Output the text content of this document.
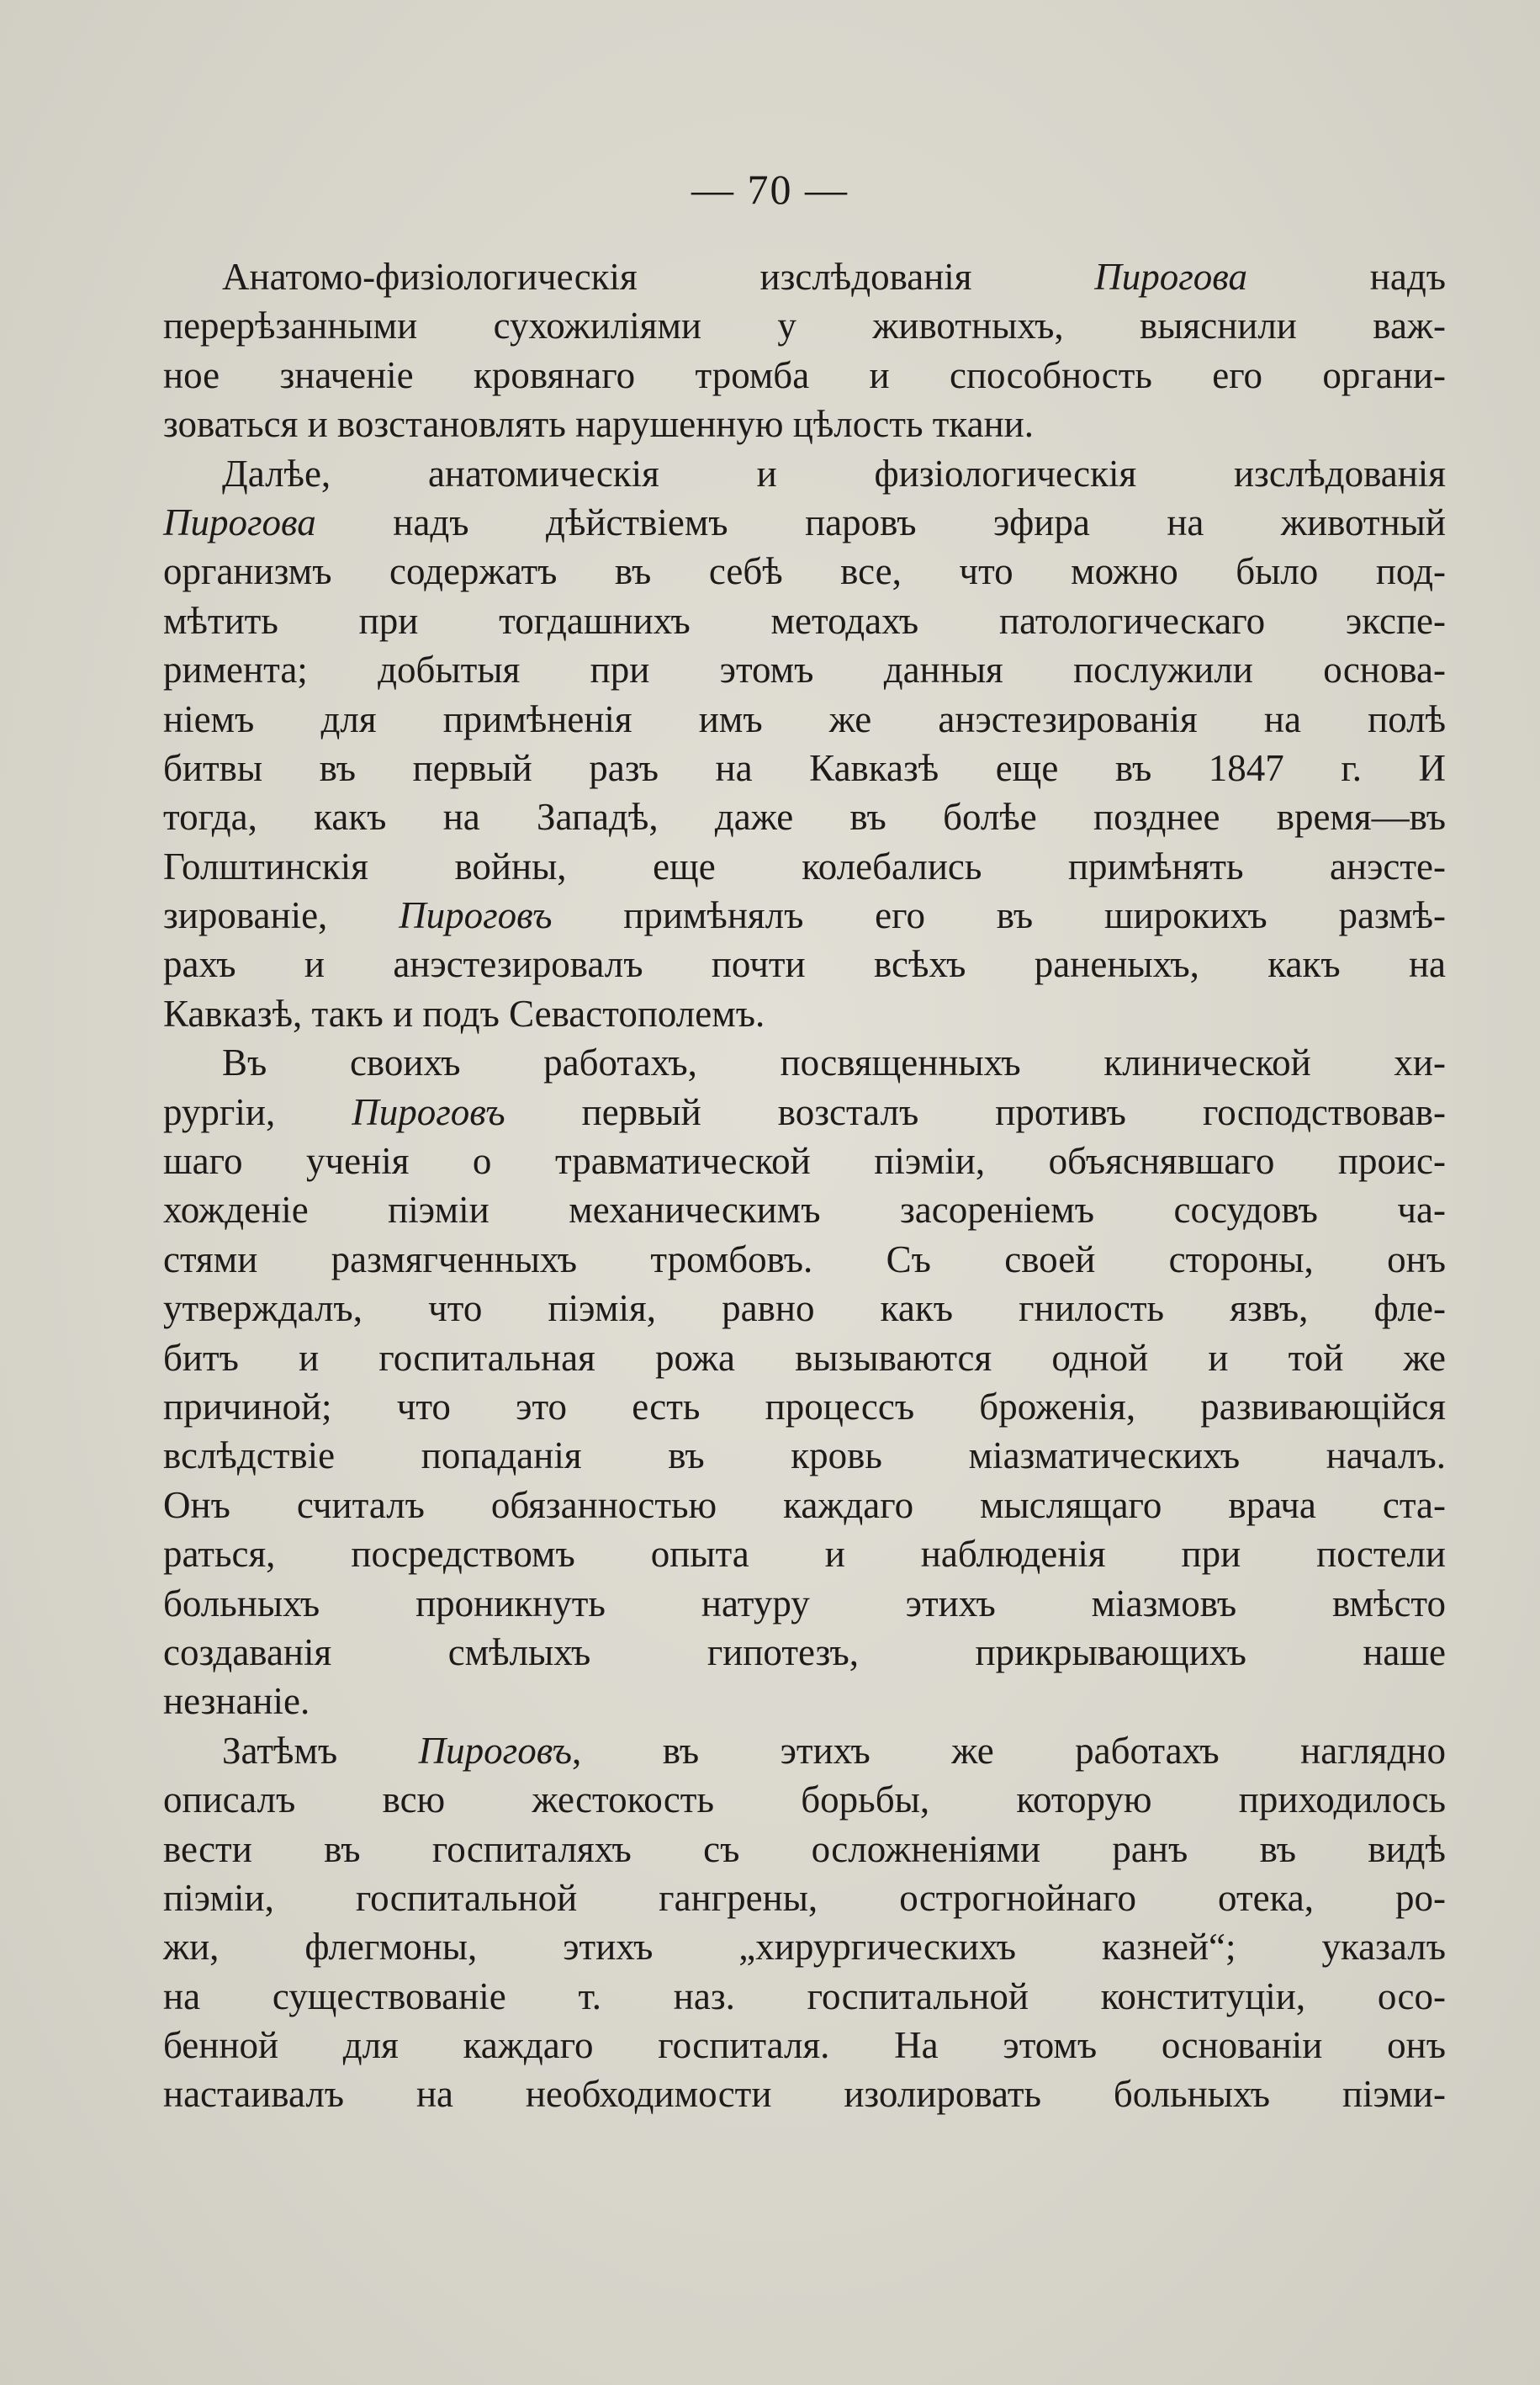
— 70 —
Анатомо-физiологическiя изслѣдованiя Пирогова надъ
перерѣзанными сухожилiями у животныхъ, выяснили важ-
ное значенiе кровянаго тромба и способность его органи-
зоваться и возстановлять нарушенную цѣлость ткани.
Далѣе, анатомическiя и физiологическiя изслѣдованiя
Пирогова надъ дѣйствiемъ паровъ эфира на животный
организмъ содержатъ въ себѣ все, что можно было под-
мѣтить при тогдашнихъ методахъ патологическаго экспе-
римента; добытыя при этомъ данныя послужили основа-
нiемъ для примѣненiя имъ же анэстезированiя на полѣ
битвы въ первый разъ на Кавказѣ еще въ 1847 г. И
тогда, какъ на Западѣ, даже въ болѣе позднее время—въ
Голштинскiя войны, еще колебались примѣнять анэсте-
зированiе, Пироговъ примѣнялъ его въ широкихъ размѣ-
рахъ и анэстезировалъ почти всѣхъ раненыхъ, какъ на
Кавказѣ, такъ и подъ Севастополемъ.
Въ своихъ работахъ, посвященныхъ клинической хи-
рургiи, Пироговъ первый возсталъ противъ господствовав-
шаго ученiя о травматической пiэмiи, объяснявшаго проис-
хожденiе пiэмiи механическимъ засоренiемъ сосудовъ ча-
стями размягченныхъ тромбовъ. Съ своей стороны, онъ
утверждалъ, что пiэмiя, равно какъ гнилость язвъ, фле-
битъ и госпитальная рожа вызываются одной и той же
причиной; что это есть процессъ броженiя, развивающiйся
вслѣдствiе попаданiя въ кровь мiазматическихъ началъ.
Онъ считалъ обязанностью каждаго мыслящаго врача ста-
раться, посредствомъ опыта и наблюденiя при постели
больныхъ проникнуть натуру этихъ мiазмовъ вмѣсто
создаванiя смѣлыхъ гипотезъ, прикрывающихъ наше
незнанiе.
Затѣмъ Пироговъ, въ этихъ же работахъ наглядно
описалъ всю жестокость борьбы, которую приходилось
вести въ госпиталяхъ съ осложненiями ранъ въ видѣ
пiэмiи, госпитальной гангрены, острогнойнаго отека, ро-
жи, флегмоны, этихъ „хирургическихъ казней“; указалъ
на существованiе т. наз. госпитальной конституцiи, осо-
бенной для каждаго госпиталя. На этомъ основанiи онъ
настаивалъ на необходимости изолировать больныхъ пiэми-
